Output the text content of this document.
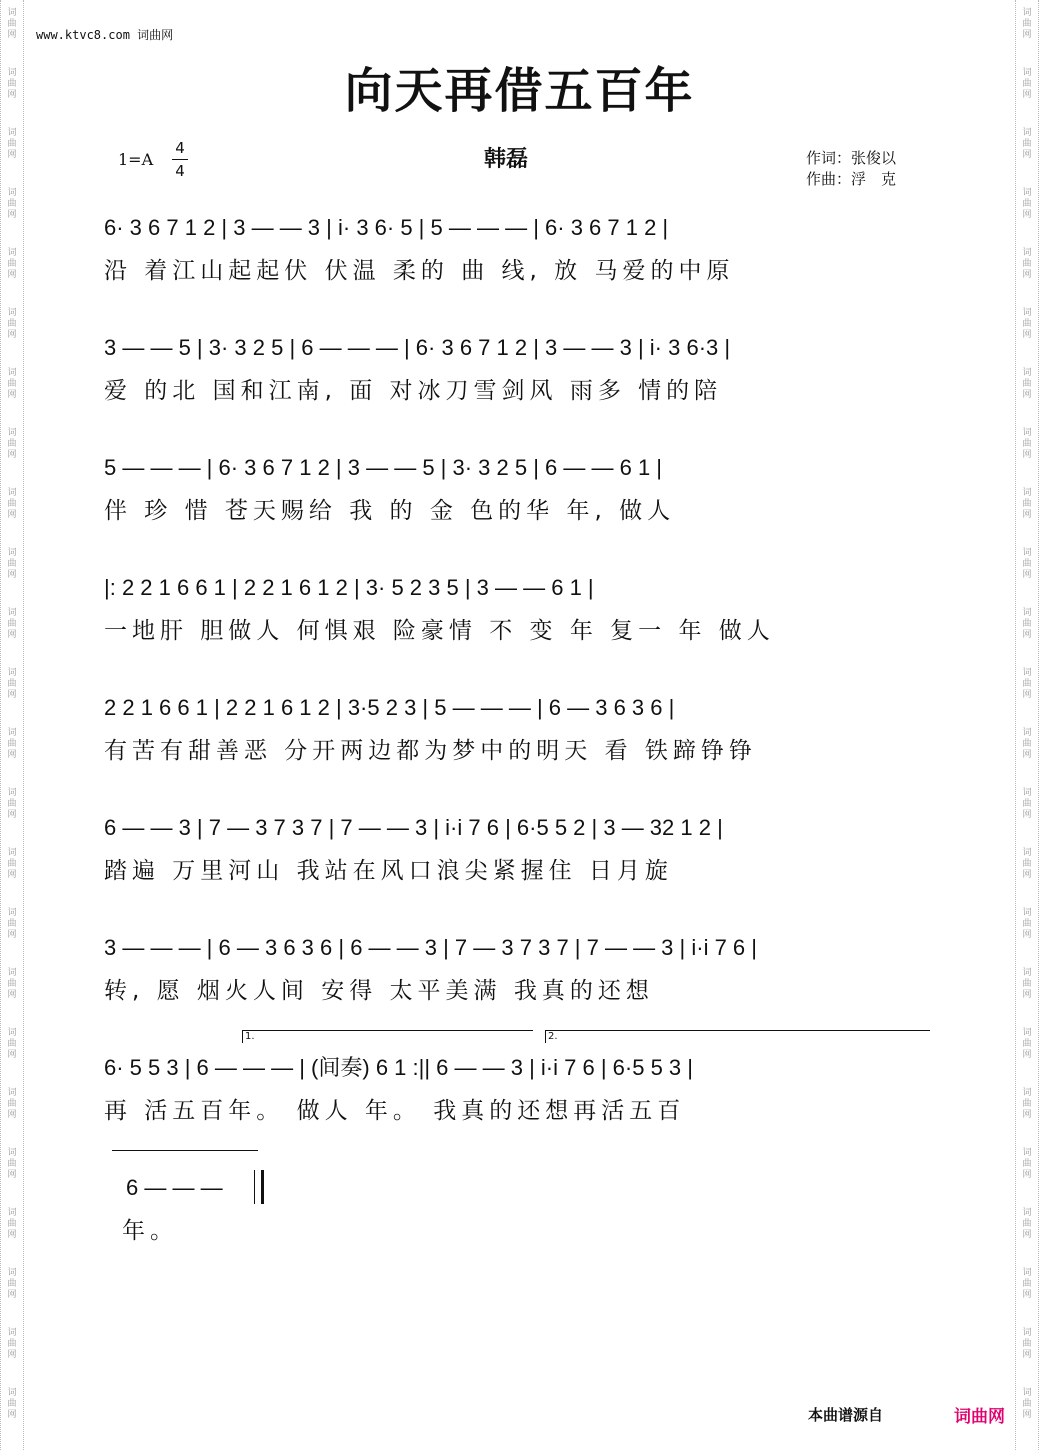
词
曲
网
词
曲
网
词
曲
网
词
曲
网
词
曲
网
词
曲
网
词
曲
网
词
曲
网
词
曲
网
词
曲
网
词
曲
网
词
曲
网
词
曲
网
词
曲
网
词
曲
网
词
曲
网
词
曲
网
词
曲
网
词
曲
网
词
曲
网
词
曲
网
词
曲
网
词
曲
网
词
曲
网
词
曲
网
词
曲
网
词
曲
网
词
曲
网
词
曲
网
词
曲
网
词
曲
网
词
曲
网
词
曲
网
词
曲
网
词
曲
网
词
曲
网
词
曲
网
词
曲
网
词
曲
网
词
曲
网
词
曲
网
词
曲
网
词
曲
网
词
曲
网
词
曲
网
词
曲
网
词
曲
网
词
曲
网
www.ktvc8.com 词曲网
向天再借五百年
1=A
4
4	韩磊	作词：张俊以
作曲：浮　克
6· 3 6 7 1 2 | 3 — — 3 | i· 3 6· 5 | 5 — — — | 6· 3 6 7 1 2 |
沿 着江山起起伏 伏温 柔的 曲 线, 放 马爱的中原
3 — — 5 | 3· 3 2 5 | 6 — — — | 6· 3 6 7 1 2 | 3 — — 3 | i· 3 6·3 |
爱 的北 国和江南, 面 对冰刀雪剑风 雨多 情的陪
5 — — — | 6· 3 6 7 1 2 | 3 — — 5 | 3· 3 2 5 | 6 — — 6 1 |
伴 珍 惜 苍天赐给 我 的 金 色的华 年, 做人
|: 2 2 1 6 6 1 | 2 2 1 6 1 2 | 3· 5 2 3 5 | 3 — — 6 1 |
一地肝 胆做人 何惧艰 险豪情 不 变 年 复一 年 做人
2 2 1 6 6 1 | 2 2 1 6 1 2 | 3·5 2 3 | 5 — — — | 6 — 3 6 3 6 |
有苦有甜善恶 分开两边都为梦中的明天 看 铁蹄铮铮
6 — — 3 | 7 — 3 7 3 7 | 7 — — 3 | i·i 7 6 | 6·5 5 2 | 3 — 32 1 2 |
踏遍 万里河山 我站在风口浪尖紧握住 日月旋
3 — — — | 6 — 3 6 3 6 | 6 — — 3 | 7 — 3 7 3 7 | 7 — — 3 | i·i 7 6 |
转, 愿 烟火人间 安得 太平美满 我真的还想
1.	2.
6· 5 5 3 | 6 — — — | (间奏) 6 1 :|| 6 — — 3 | i·i 7 6 | 6·5 5 3 |
再 活五百年。 做人 年。 我真的还想再活五百
6 — — —
年。
本曲谱源自	词曲网
